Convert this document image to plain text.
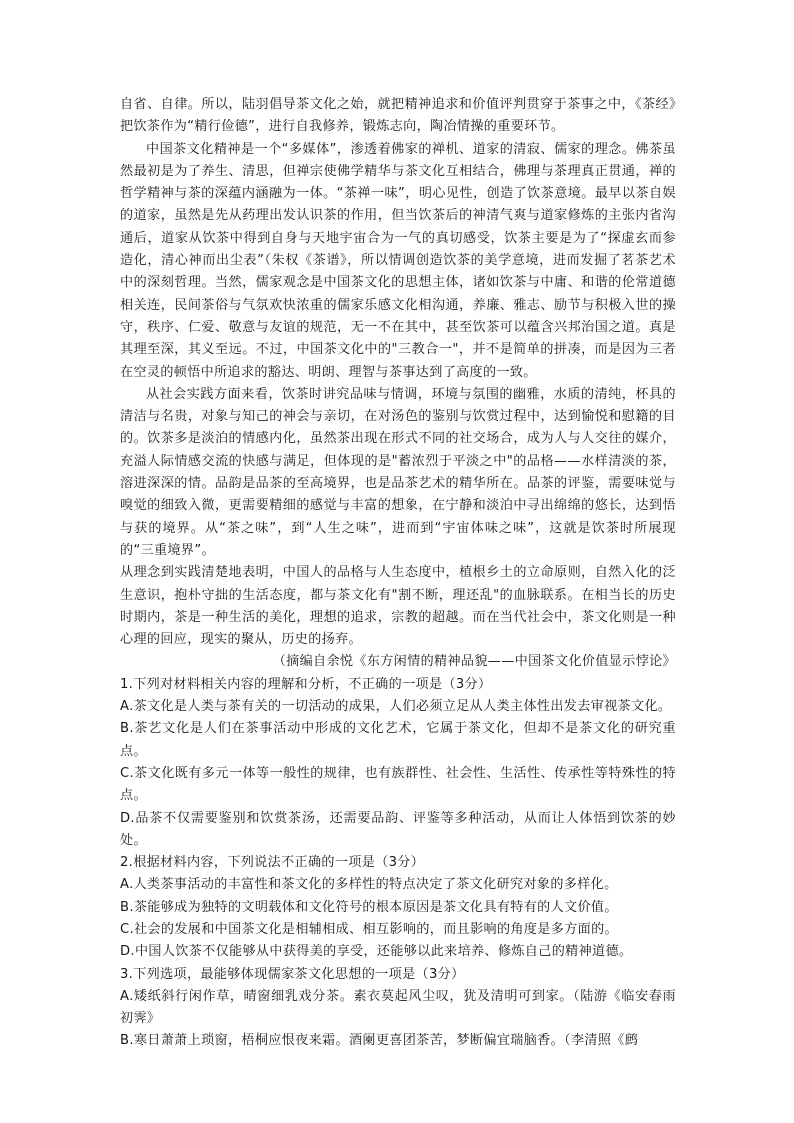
自省、自律。所以，陆羽倡导茶文化之始，就把精神追求和价值评判贯穿于茶事之中，《茶经》把饮茶作为“精行俭德”，进行自我修养，锻炼志向，陶冶情操的重要环节。

中国茶文化精神是一个“多媒体”，渗透着佛家的禅机、道家的清寂、儒家的理念。佛茶虽然最初是为了养生、清思，但禅宗使佛学精华与茶文化互相结合，佛理与茶理真正贯通，禅的哲学精神与茶的深蕴内涵融为一体。“茶禅一味”，明心见性，创造了饮茶意境。最早以茶自娱的道家，虽然是先从药理出发认识茶的作用，但当饮茶后的神清气爽与道家修炼的主张内省沟通后，道家从饮茶中得到自身与天地宇宙合为一气的真切感受，饮茶主要是为了“探虚玄而参造化，清心神而出尘表”（朱权《茶谱》，所以情调创造饮茶的美学意境，进而发掘了茗茶艺术中的深刻哲理。当然，儒家观念是中国茶文化的思想主体，诸如饮茶与中庸、和谐的伦常道德相关连，民间茶俗与气氛欢快浓重的儒家乐感文化相沟通，养廉、雅志、励节与积极入世的操守，秩序、仁爱、敬意与友谊的规范，无一不在其中，甚至饮茶可以蕴含兴邦治国之道。真是其理至深，其义至远。不过，中国茶文化中的"三教合一"，并不是简单的拼凑，而是因为三者在空灵的顿悟中所追求的豁达、明朗、理智与茶事达到了高度的一致。

从社会实践方面来看，饮茶时讲究品味与情调，环境与氛围的幽雅，水质的清纯，杯具的清洁与名贵，对象与知己的神会与亲切，在对汤色的鉴别与饮赏过程中，达到愉悦和慰籍的目的。饮茶多是淡泊的情感内化，虽然茶出现在形式不同的社交场合，成为人与人交往的媒介，充溢人际情感交流的快感与满足，但体现的是"蓄浓烈于平淡之中"的品格——水样清淡的茶，溶进深深的情。品韵是品茶的至高境界，也是品茶艺术的精华所在。品茶的评鉴，需要味觉与嗅觉的细致入微，更需要精细的感觉与丰富的想象，在宁静和淡泊中寻出绵绵的悠长，达到悟与获的境界。从“茶之味”，到“人生之味”，进而到“宇宙体味之味”，这就是饮茶时所展现的“三重境界”。

从理念到实践清楚地表明，中国人的品格与人生态度中，植根乡土的立命原则，自然入化的泛生意识，抱朴守拙的生活态度，都与茶文化有"割不断，理还乱"的血脉联系。在相当长的历史时期内，茶是一种生活的美化，理想的追求，宗教的超越。而在当代社会中，茶文化则是一种心理的回应，现实的聚从，历史的扬弃。

（摘编自余悦《东方闲情的精神品貌——中国茶文化价值显示悖论》

1.下列对材料相关内容的理解和分析，不正确的一项是（3分）

A.茶文化是人类与茶有关的一切活动的成果，人们必须立足从人类主体性出发去审视茶文化。

B.茶艺文化是人们在茶事活动中形成的文化艺术，它属于茶文化，但却不是茶文化的研究重点。

C.茶文化既有多元一体等一般性的规律，也有族群性、社会性、生活性、传承性等特殊性的特点。

D.品茶不仅需要鉴别和饮赏茶汤，还需要品韵、评鉴等多种活动，从而让人体悟到饮茶的妙处。

2.根据材料内容，下列说法不正确的一项是（3分）

A.人类茶事活动的丰富性和茶文化的多样性的特点决定了茶文化研究对象的多样化。

B.茶能够成为独特的文明载体和文化符号的根本原因是茶文化具有特有的人文价值。

C.社会的发展和中国茶文化是相辅相成、相互影响的，而且影响的角度是多方面的。

D.中国人饮茶不仅能够从中获得美的享受，还能够以此来培养、修炼自己的精神道德。

3.下列选项，最能够体现儒家茶文化思想的一项是（3分）

A.矮纸斜行闲作草，晴窗细乳戏分茶。素衣莫起风尘叹，犹及清明可到家。（陆游《临安春雨初霁》

B.寒日萧萧上琐窗，梧桐应恨夜来霜。酒阑更喜团茶苦，梦断偏宜瑞脑香。（李清照《鹧
